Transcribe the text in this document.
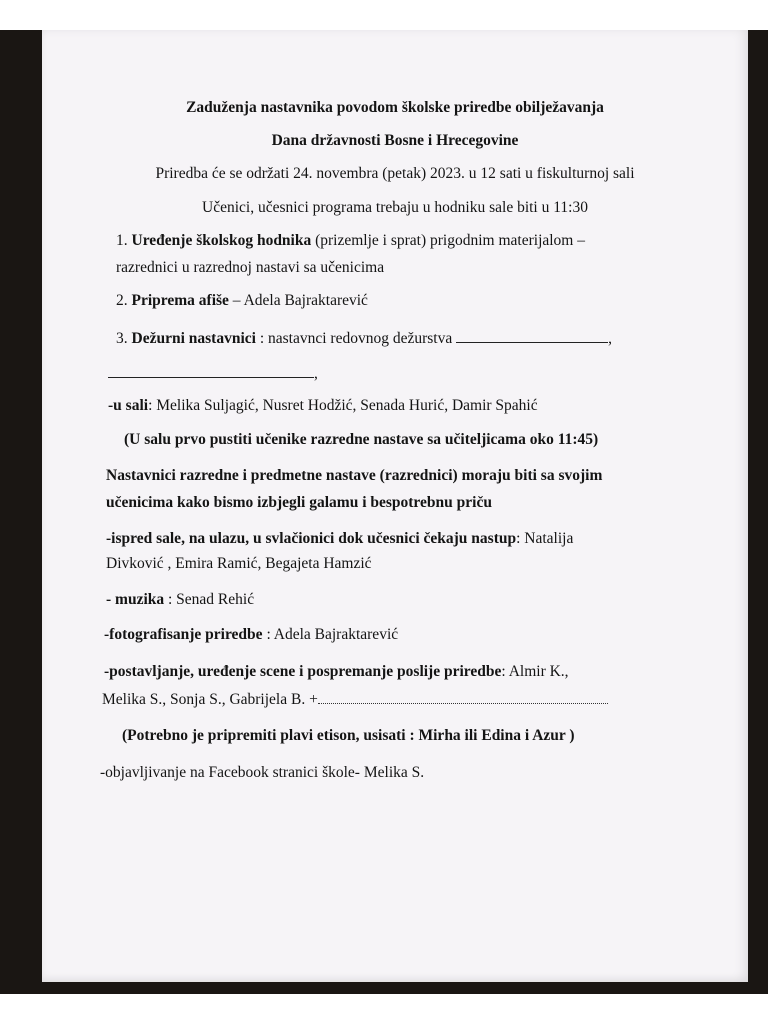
Zaduženja nastavnika povodom školske priredbe obilježavanja
Dana državnosti Bosne i Hrecegovine
Priredba će se održati 24. novembra (petak) 2023. u 12 sati u fiskulturnoj sali
Učenici, učesnici programa trebaju u hodniku sale biti u 11:30
1. Uređenje školskog hodnika (prizemlje i sprat) prigodnim materijalom –
razrednici u razrednoj nastavi sa učenicima
2. Priprema afiše – Adela Bajraktarević
3. Dežurni nastavnici : nastavnci redovnog dežurstva	,
,
-u sali: Melika Suljagić, Nusret Hodžić, Senada Hurić, Damir Spahić
(U salu prvo pustiti učenike razredne nastave sa učiteljicama oko 11:45)
Nastavnici razredne i predmetne nastave (razrednici) moraju biti sa svojim
učenicima kako bismo izbjegli galamu i bespotrebnu priču
-ispred sale, na ulazu, u svlačionici dok učesnici čekaju nastup: Natalija
Divković , Emira Ramić, Begajeta Hamzić
- muzika : Senad Rehić
-fotografisanje priredbe : Adela Bajraktarević
-postavljanje, uređenje scene i pospremanje poslije priredbe: Almir K.,
Melika S., Sonja S., Gabrijela B. +
(Potrebno je pripremiti plavi etison, usisati : Mirha ili Edina i Azur )
-objavljivanje na Facebook stranici škole- Melika S.
